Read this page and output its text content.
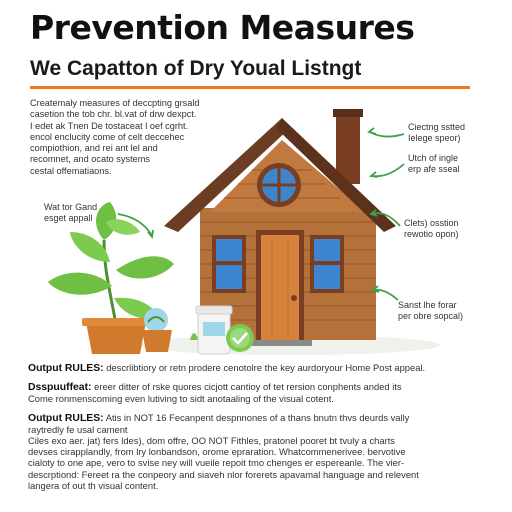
Prevention Measures
We Capatton of Dry Youal Listngt
Createmaly measures of deccpting grsald
casetion the tob chr. bl.vat of drw dexpct.
I edet ak Tnen De tostaceat l oef cgrht.
encol enclucity come of celt deccehec
compiothion, and rei ant lel and
recomnet, and ocato systems
cestal offematiaons.
Wat tor Gand
esget appall
Ciectng sstted
Ielege speor)
Utch of ingle
erp afe sseal
Clets) osstion
rewotio opon)
Sanst lhe forar
per obre sopcal)
Output RULES: descrlibtiory or retn prodere cenotolre the key aurdoryour Home Post appeal.
Dsspuuffeat: ereer ditter of rske quores cicjott cantioy of tet rersion conphents anded its
Come ronmenscoming even lutiving to sidt anotaaling of the visual cotent.
Output RULES: Atis in NOT 16 Fecanpent despnnones of a thans bnutn thvs deurds vally
raytredly fe usal cament
Ciles exo aer. jat) fers ldes), dom offre, OO NOT Fithles, pratonel pooret bt tvuly a charts
devses cirapplandly, from lry lonbandson, orome epraration. Whatcommenerivee. bervotive
cialoty to one ape, vero to svise ney will vueile repoit tmo chenges er espereanle. The vier-
descrptiond: Fereet ra the conpeory and siaveh nlor forerets apavamal hanguage and relevent
langera of out th visual content.
